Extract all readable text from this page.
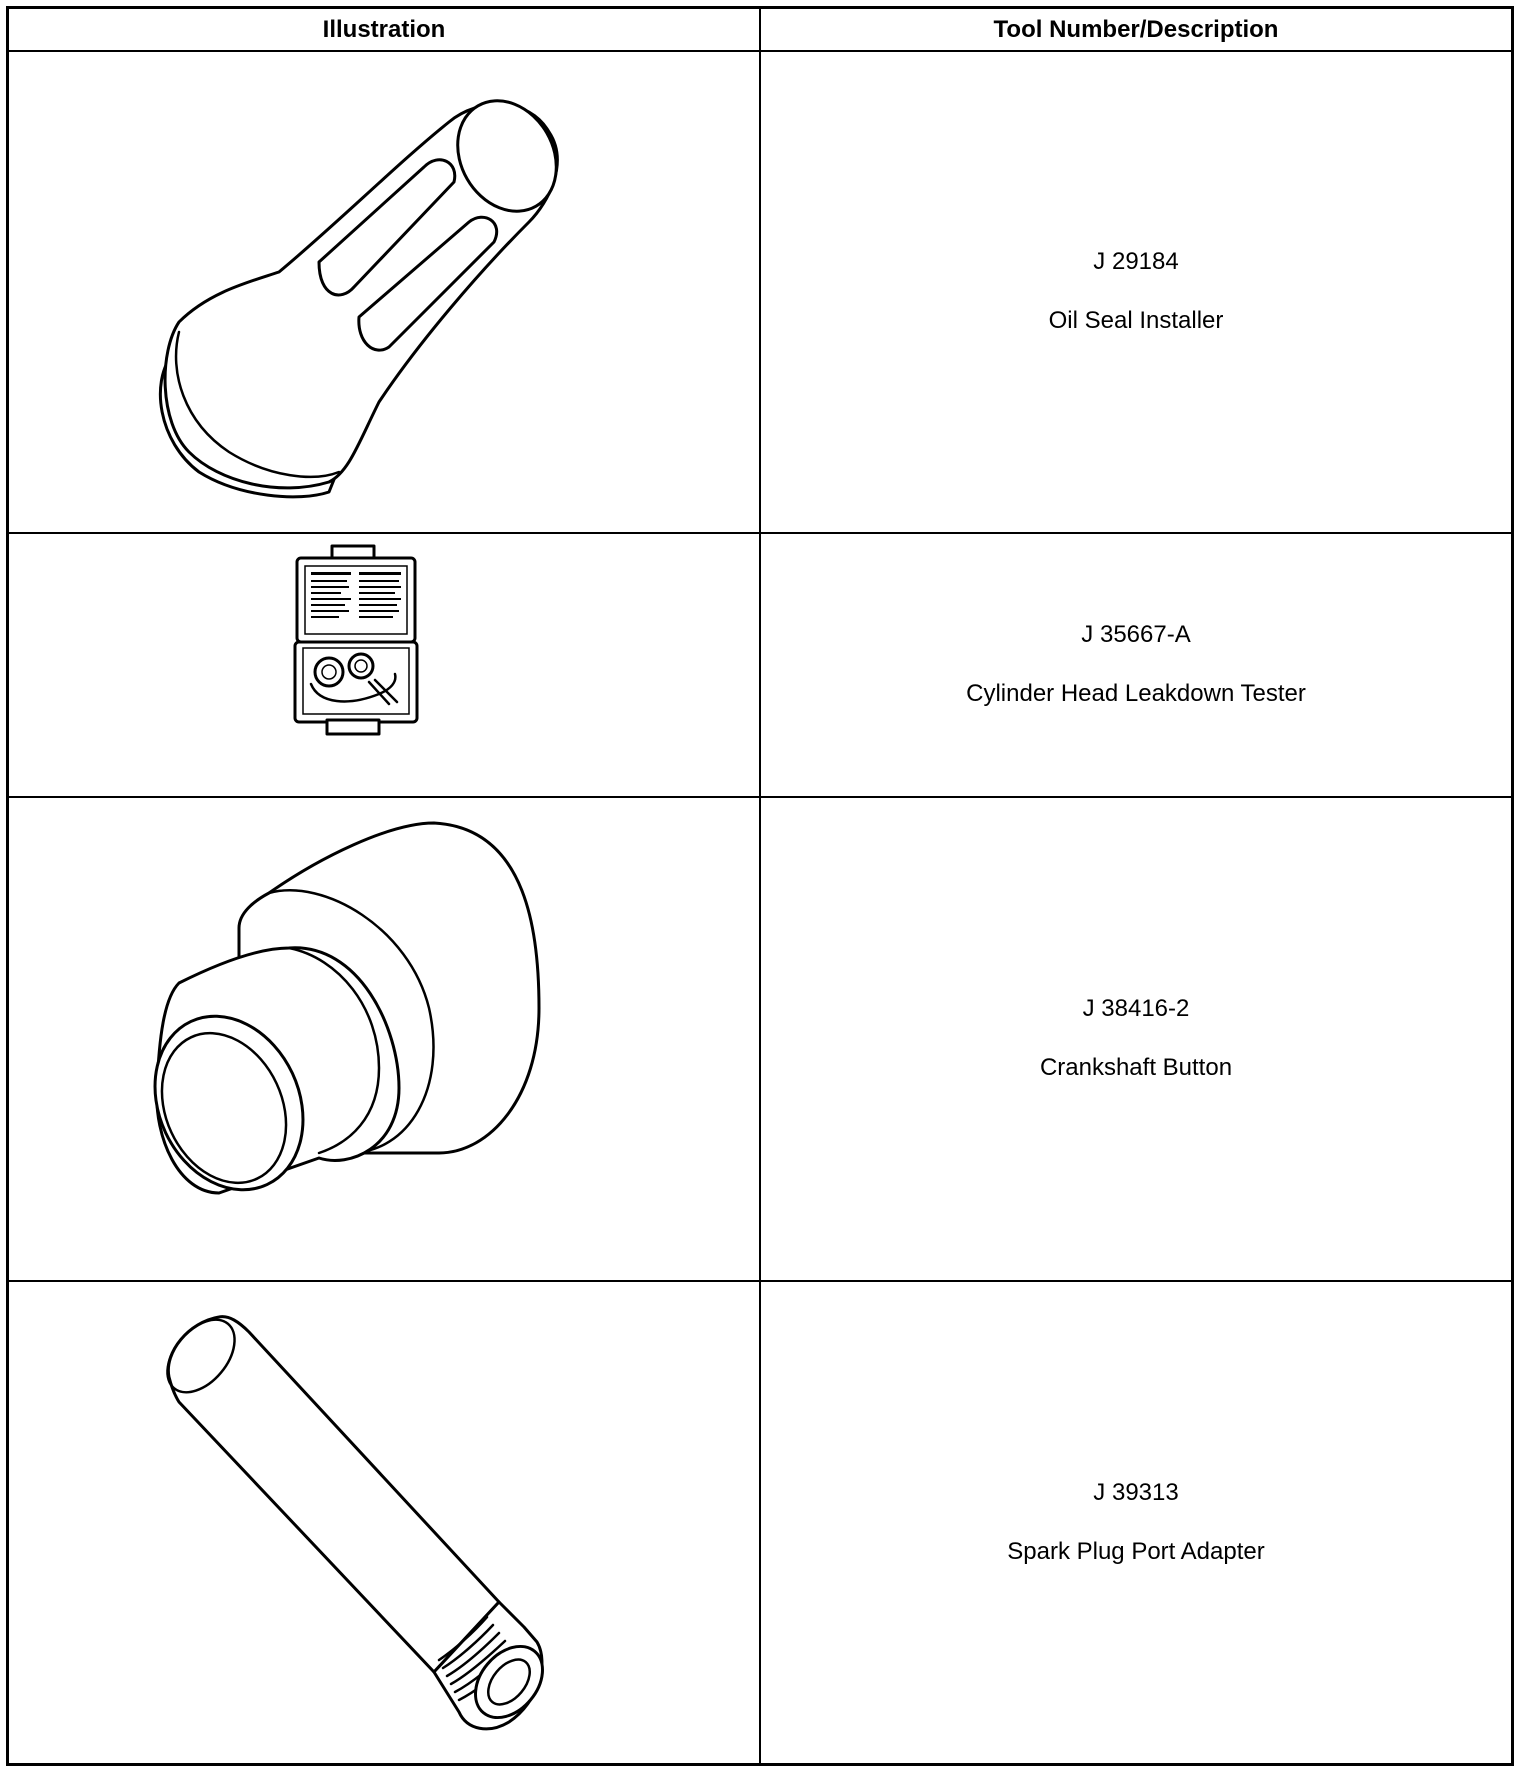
Illustration	Tool Number/Description

J 29184
Oil Seal Installer

J 35667-A
Cylinder Head Leakdown Tester

J 38416-2
Crankshaft Button

J 39313
Spark Plug Port Adapter
